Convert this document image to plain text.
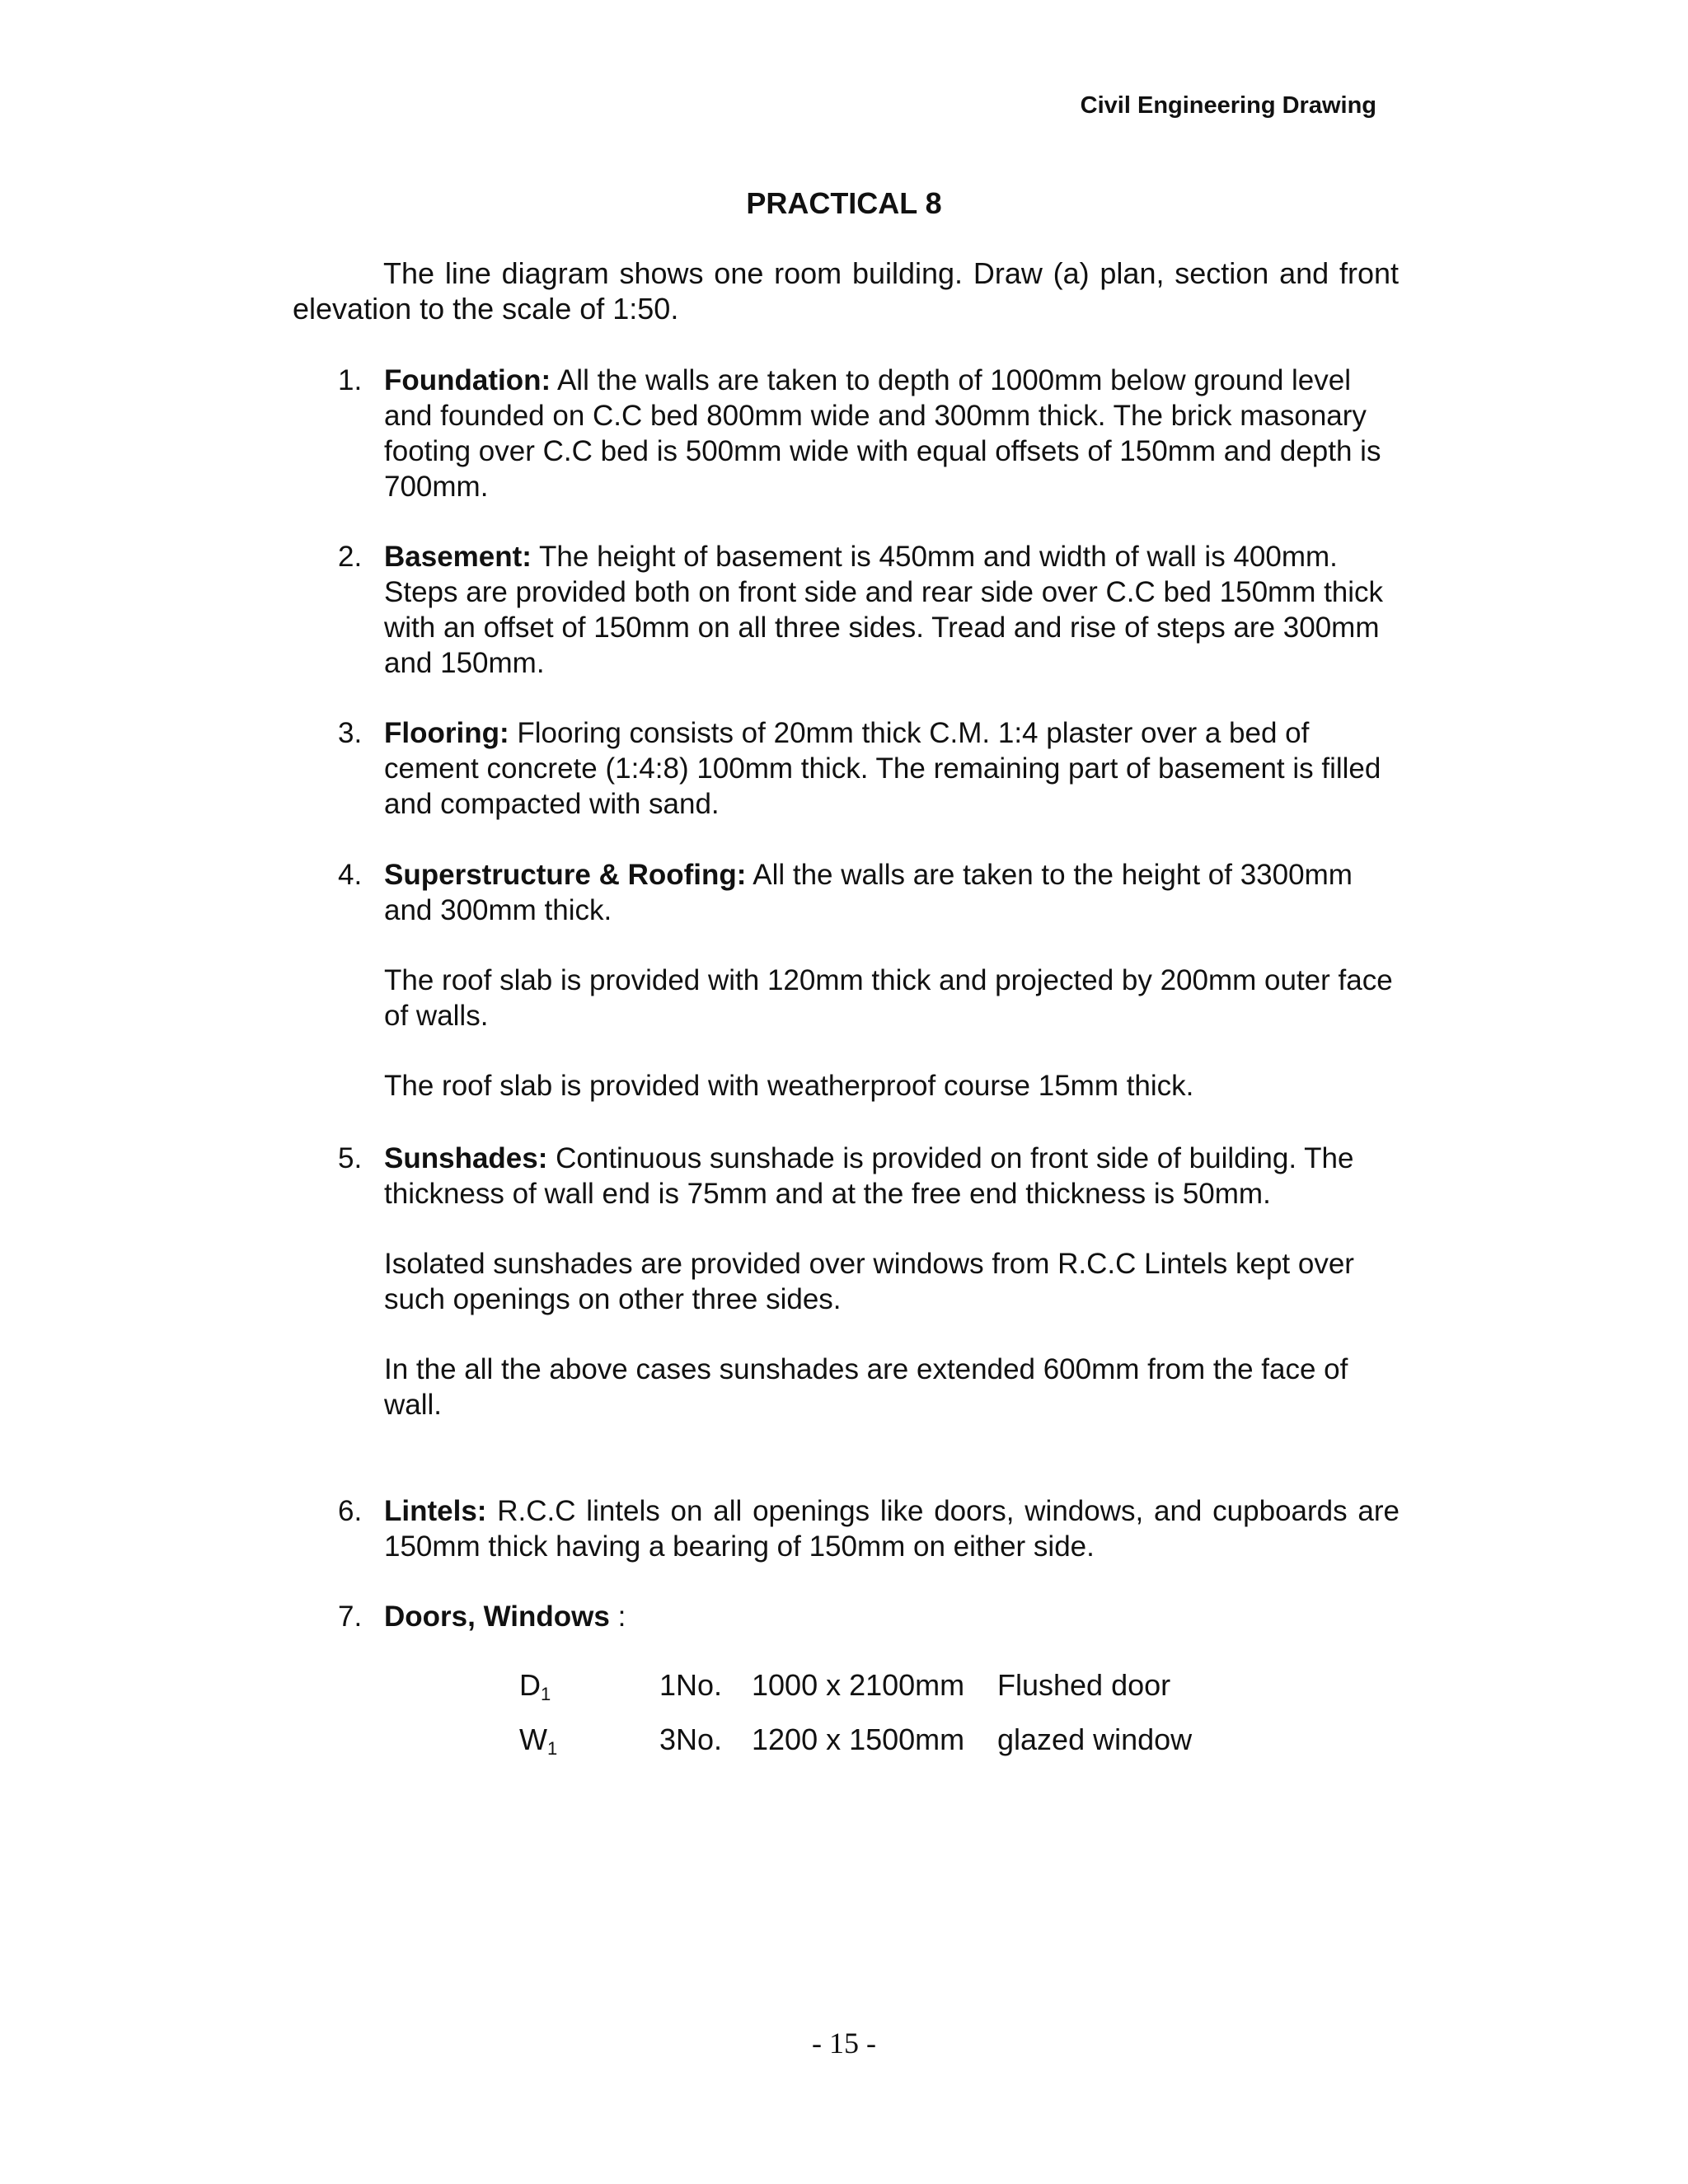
Civil Engineering Drawing
PRACTICAL 8

The line diagram shows one room building. Draw (a) plan, section and front elevation to the scale of 1:50.

1. Foundation: All the walls are taken to depth of 1000mm below ground level and founded on C.C bed 800mm wide and 300mm thick. The brick masonary footing over C.C bed is 500mm wide with equal offsets of 150mm and depth is 700mm.

2. Basement: The height of basement is 450mm and width of wall is 400mm. Steps are provided both on front side and rear side over C.C bed 150mm thick with an offset of 150mm on all three sides. Tread and rise of steps are 300mm and 150mm.

3. Flooring: Flooring consists of 20mm thick C.M. 1:4 plaster over a bed of cement concrete (1:4:8) 100mm thick. The remaining part of basement is filled and compacted with sand.

4. Superstructure & Roofing: All the walls are taken to the height of 3300mm and 300mm thick.

The roof slab is provided with 120mm thick and projected by 200mm outer face of walls.

The roof slab is provided with weatherproof course 15mm thick.

5. Sunshades: Continuous sunshade is provided on front side of building. The thickness of wall end is 75mm and at the free end thickness is 50mm.

Isolated sunshades are provided over windows from R.C.C Lintels kept over such openings on other three sides.

In the all the above cases sunshades are extended 600mm from the face of wall.

6. Lintels: R.C.C lintels on all openings like doors, windows, and cupboards are 150mm thick having a bearing of 150mm on either side.

7. Doors, Windows :

$D_1$	1No. 1000 x 2100mm Flushed door
$W_1$	3No. 1200 x 1500mm glazed window
- 15 -
